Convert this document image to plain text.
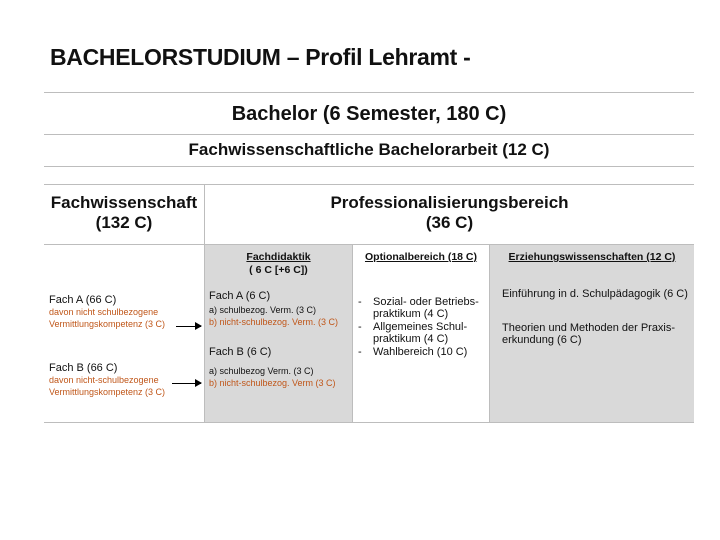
BACHELORSTUDIUM – Profil Lehramt -
Bachelor (6 Semester, 180 C)
Fachwissenschaftliche Bachelorarbeit (12 C)
Fachwissenschaft
(132 C)
Professionalisierungsbereich
(36 C)
Fach A (66 C)
davon nicht schulbezogene
Vermittlungskompetenz (3 C)
Fach B (66 C)
davon nicht-schulbezogene
Vermittlungskompetenz (3 C)
Fachdidaktik
( 6 C [+6 C])
Fach A (6 C)
a) schulbezog. Verm. (3 C)
b) nicht-schulbezog. Verm. (3 C)
Fach B (6 C)
a) schulbezog Verm. (3 C)
b) nicht-schulbezog. Verm (3 C)
Optionalbereich (18 C)
- Sozial- oder Betriebs-
praktikum (4 C)
- Allgemeines Schul-
praktikum (4 C)
- Wahlbereich (10 C)
Erziehungswissenschaften (12 C)
Einführung in d. Schulpädagogik (6 C)
Theorien und Methoden der Praxis-
erkundung (6 C)
